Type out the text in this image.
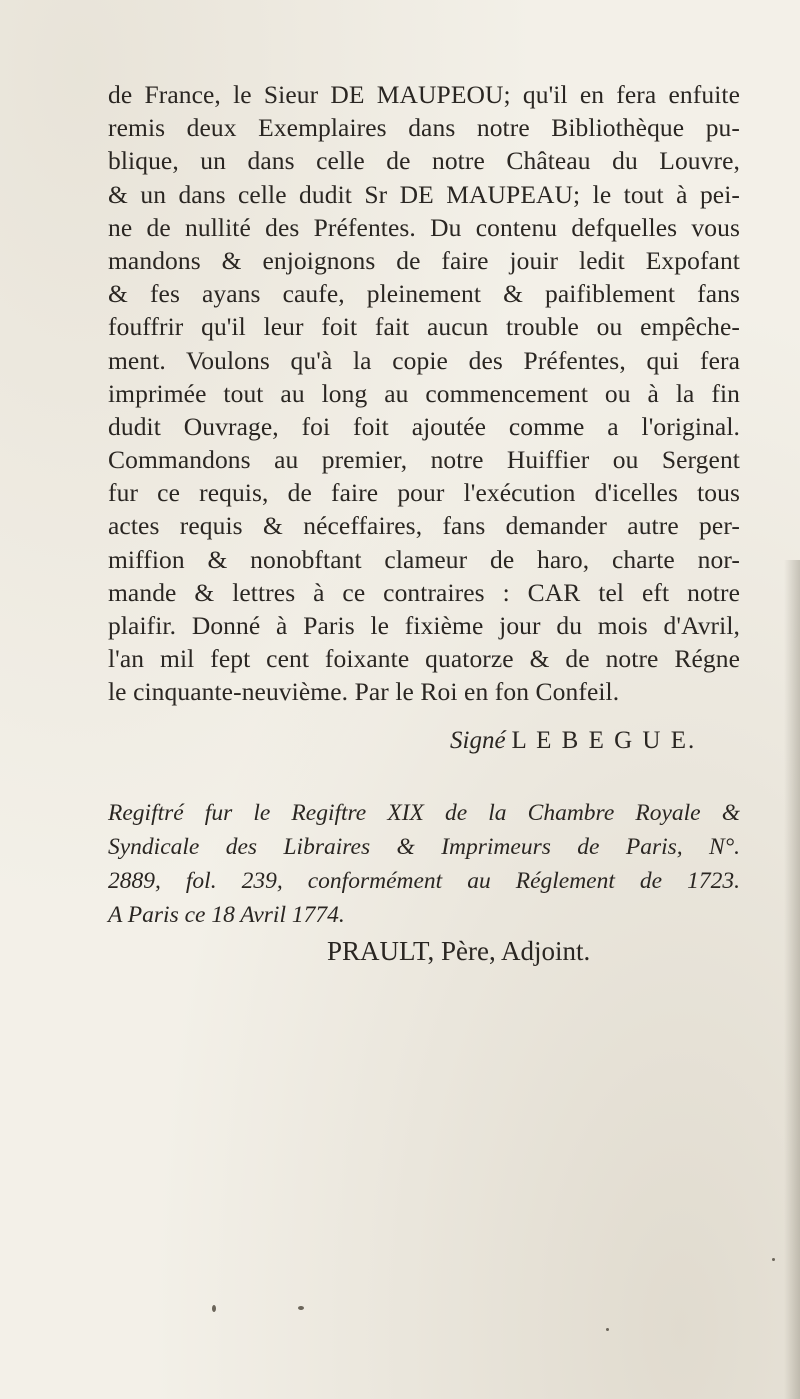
de France, le Sieur DE MAUPEOU; qu'il en fera enfuite
remis deux Exemplaires dans notre Bibliothèque pu-
blique, un dans celle de notre Château du Louvre,
& un dans celle dudit Sr DE MAUPEAU; le tout à pei-
ne de nullité des Préfentes. Du contenu defquelles vous
mandons & enjoignons de faire jouir ledit Expofant
& fes ayans caufe, pleinement & paifiblement fans
fouffrir qu'il leur foit fait aucun trouble ou empêche-
ment. Voulons qu'à la copie des Préfentes, qui fera
imprimée tout au long au commencement ou à la fin
dudit Ouvrage, foi foit ajoutée comme a l'original.
Commandons au premier, notre Huiffier ou Sergent
fur ce requis, de faire pour l'exécution d'icelles tous
actes requis & néceffaires, fans demander autre per-
miffion & nonobftant clameur de haro, charte nor-
mande & lettres à ce contraires : CAR tel eft notre
plaifir. Donné à Paris le fixième jour du mois d'Avril,
l'an mil fept cent foixante quatorze & de notre Régne
le cinquante-neuvième. Par le Roi en fon Confeil.
Signé L E B E G U E.
Regiftré fur le Regiftre XIX de la Chambre Royale &
Syndicale des Libraires & Imprimeurs de Paris, N°.
2889, fol. 239, conformément au Réglement de 1723.
A Paris ce 18 Avril 1774.
PRAULT, Père, Adjoint.
